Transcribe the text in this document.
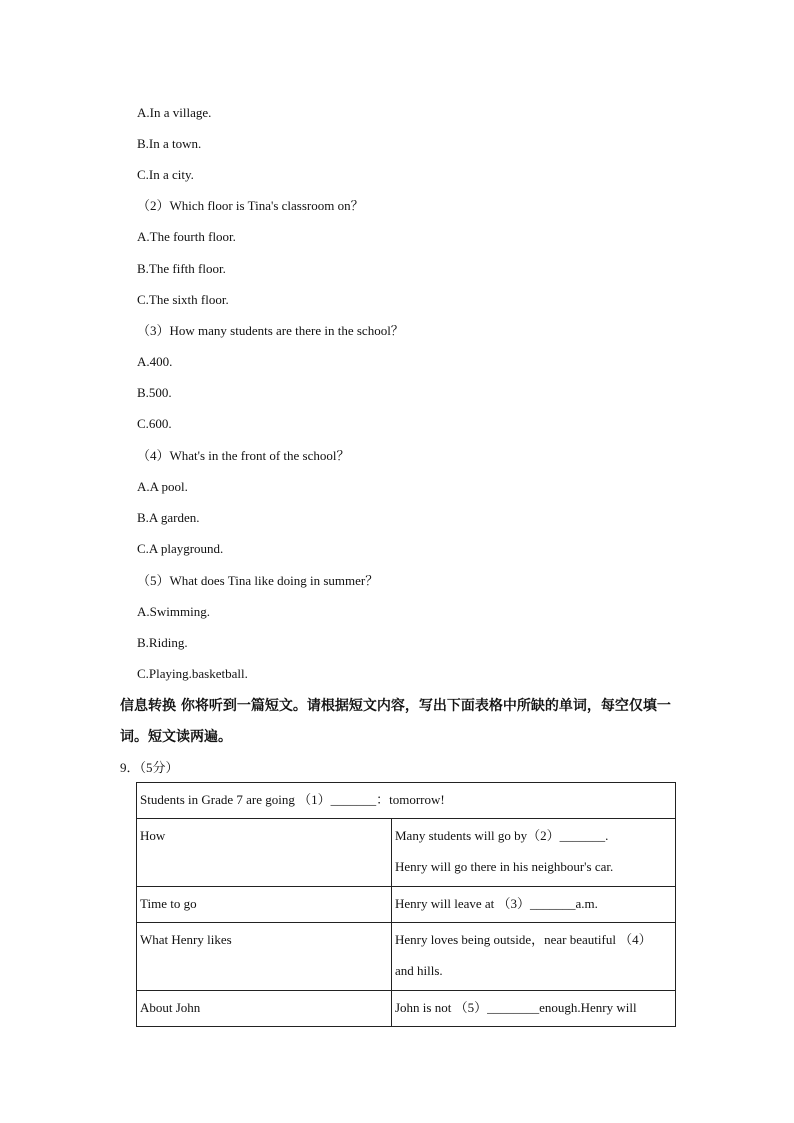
A.In a village.
B.In a town.
C.In a city.
（2）Which floor is Tina's classroom on？
A.The fourth floor.
B.The fifth floor.
C.The sixth floor.
（3）How many students are there in the school？
A.400.
B.500.
C.600.
（4）What's in the front of the school？
A.A pool.
B.A garden.
C.A playground.
（5）What does Tina like doing in summer？
A.Swimming.
B.Riding.
C.Playing.basketball.
信息转换 你将听到一篇短文。请根据短文内容，写出下面表格中所缺的单词，每空仅填一
词。短文读两遍。
9．（5分）
Students in Grade 7 are going （1）_______：tomorrow!	

How	Many students will go by（2）_______.
Henry will go there in his neighbour's car.

Time to go	Henry will leave at （3）_______a.m.

What Henry likes	Henry loves being outside，near beautiful （4）
and hills.

About John	John is not （5）________enough.Henry will
